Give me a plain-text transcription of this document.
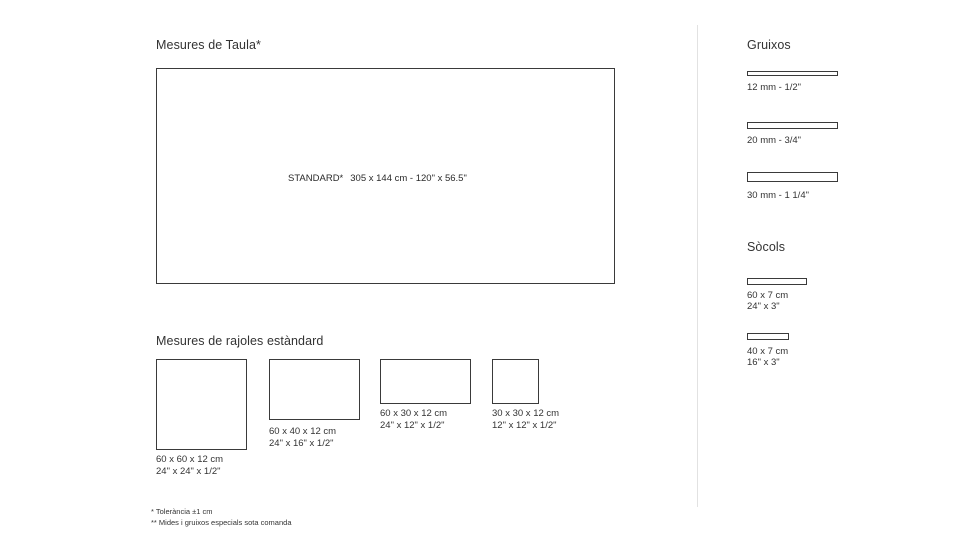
Mesures de Taula*
STANDARD* 305 x 144 cm - 120" x 56.5"
Mesures de rajoles estàndard
60 x 60 x 12 cm
24" x 24" x 1/2"
60 x 40 x 12 cm
24" x 16" x 1/2"
60 x 30 x 12 cm
24" x 12" x 1/2"
30 x 30 x 12 cm
12" x 12" x 1/2"
* Tolerància ±1 cm
** Mides i gruixos especials sota comanda
Gruixos
12 mm - 1/2"
20 mm - 3/4"
30 mm - 1 1/4"
Sòcols
60 x 7 cm
24" x 3"
40 x 7 cm
16" x 3"
